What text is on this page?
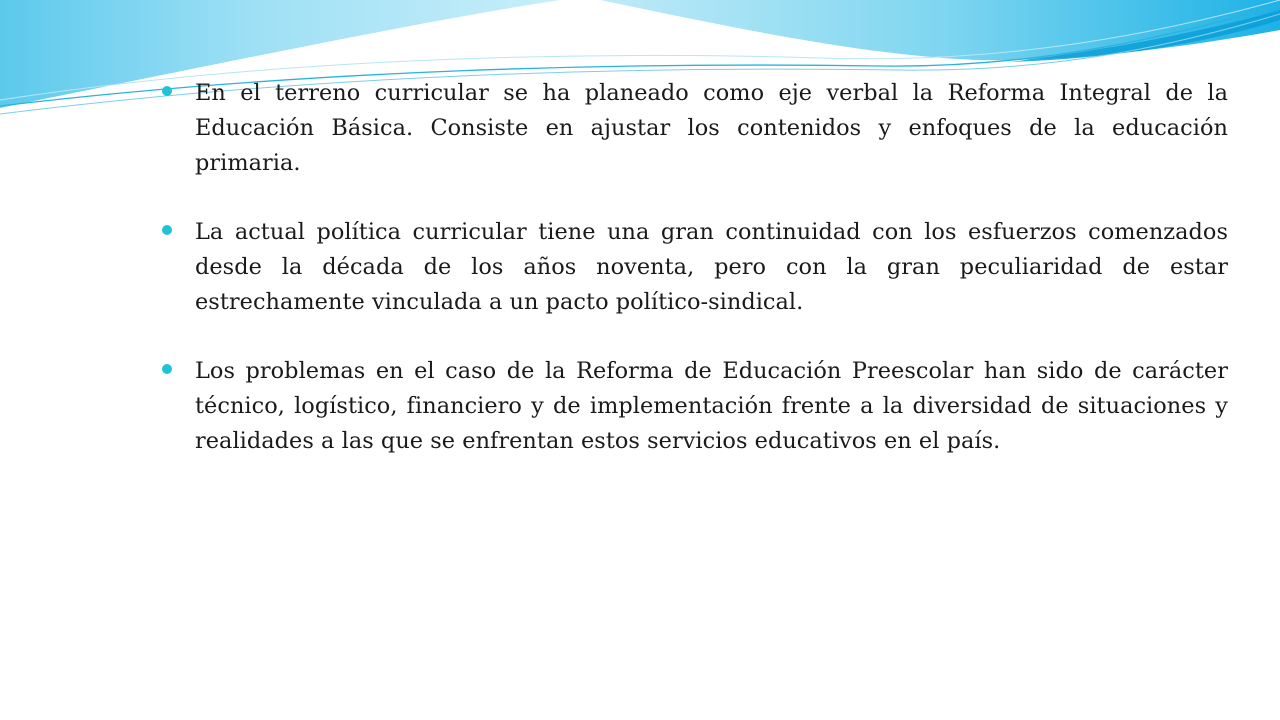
En el terreno curricular se ha planeado como eje verbal la Reforma Integral de la Educación Básica. Consiste en ajustar los contenidos y enfoques de la educación primaria.
La actual política curricular tiene una gran continuidad con los esfuerzos comenzados desde la década de los años noventa, pero con la gran peculiaridad de estar estrechamente vinculada a un pacto político-sindical.
Los problemas en el caso de la Reforma de Educación Preescolar han sido de carácter técnico, logístico, financiero y de implementación frente a la diversidad de situaciones y realidades a las que se enfrentan estos servicios educativos en el país.
